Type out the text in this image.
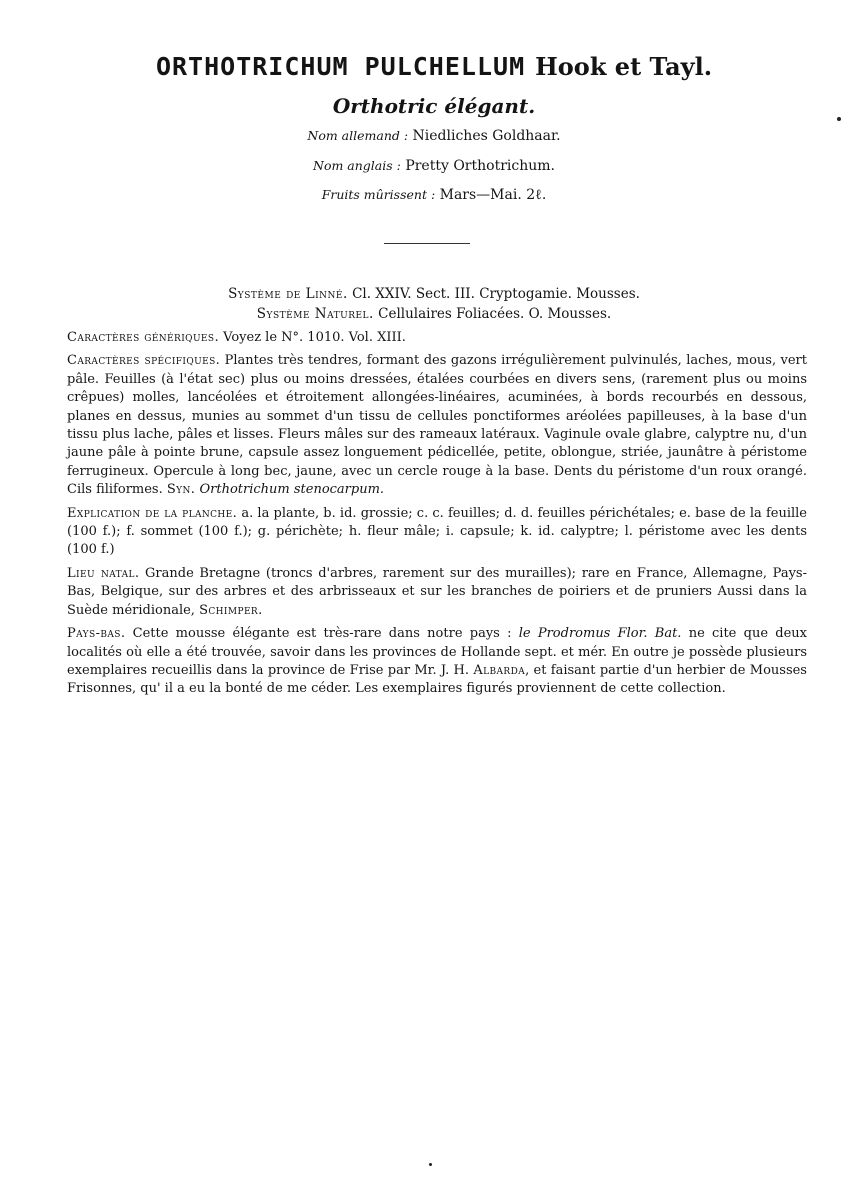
ORTHOTRICHUM PULCHELLUM Hook et Tayl.
Orthotric élégant.
Nom allemand : Niedliches Goldhaar.
Nom anglais : Pretty Orthotrichum.
Fruits mûrissent : Mars—Mai. 2ℓ.
Système de Linné. Cl. XXIV. Sect. III. Cryptogamie. Mousses.
Système Naturel. Cellulaires Foliacées. O. Mousses.

Caractères génériques. Voyez le N°. 1010. Vol. XIII.

Caractères spécifiques. Plantes très tendres, formant des gazons irrégulièrement pulvinulés, laches, mous, vert pâle. Feuilles (à l'état sec) plus ou moins dressées, étalées courbées en divers sens, (rarement plus ou moins crêpues) molles, lancéolées et étroitement allongées-linéaires, acuminées, à bords recourbés en dessous, planes en dessus, munies au sommet d'un tissu de cellules ponctiformes aréolées papilleuses, à la base d'un tissu plus lache, pâles et lisses. Fleurs mâles sur des rameaux latéraux. Vaginule ovale glabre, calyptre nu, d'un jaune pâle à pointe brune, capsule assez longuement pédicellée, petite, oblongue, striée, jaunâtre à péristome ferrugineux. Opercule à long bec, jaune, avec un cercle rouge à la base. Dents du péristome d'un roux orangé. Cils filiformes. Syn. Orthotrichum stenocarpum.

Explication de la planche. a. la plante, b. id. grossie; c. c. feuilles; d. d. feuilles périchétales; e. base de la feuille (100 f.); f. sommet (100 f.); g. périchète; h. fleur mâle; i. capsule; k. id. calyptre; l. péristome avec les dents (100 f.)

Lieu natal. Grande Bretagne (troncs d'arbres, rarement sur des murailles); rare en France, Allemagne, Pays-Bas, Belgique, sur des arbres et des arbrisseaux et sur les branches de poiriers et de pruniers Aussi dans la Suède méridionale, Schimper.

Pays-bas. Cette mousse élégante est très-rare dans notre pays : le Prodromus Flor. Bat. ne cite que deux localités où elle a été trouvée, savoir dans les provinces de Hollande sept. et mér. En outre je possède plusieurs exemplaires recueillis dans la province de Frise par Mr. J. H. Albarda, et faisant partie d'un herbier de Mousses Frisonnes, qu' il a eu la bonté de me céder. Les exemplaires figurés proviennent de cette collection.
